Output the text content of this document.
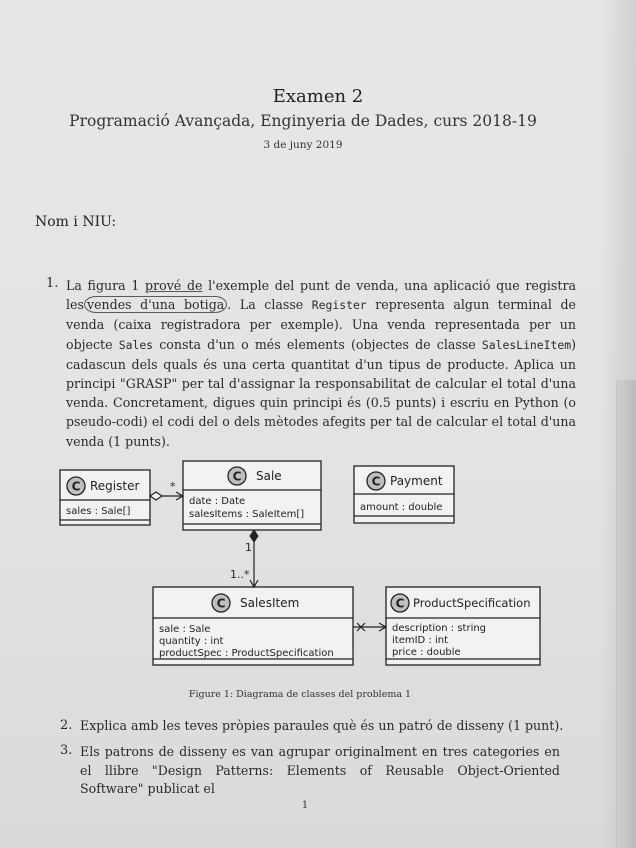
Examen 2
Programació Avançada, Enginyeria de Dades, curs 2018-19
3 de juny 2019
Nom i NIU:
1. La figura 1 prové de l'exemple del punt de venda, una aplicació que registra les vendes d'una botiga . La classe Register representa algun terminal de venda (caixa registradora per exemple). Una venda representada per un objecte Sales consta d'un o més elements (objectes de classe SalesLineItem) cadascun dels quals és una certa quantitat d'un tipus de producte. Aplica un principi "GRASP" per tal d'assignar la responsabilitat de calcular el total d'una venda. Concretament, digues quin principi és (0.5 punts) i escriu en Python (o pseudo-codi) el codi del o dels mètodes afegits per tal de calcular el total d'una venda (1 punts).
C Register
sales : Sale[]
C Sale
date : Date
salesItems : SaleItem[]
C Payment
amount : double
C SalesItem
sale : Sale
quantity : int
productSpec : ProductSpecification
C ProductSpecification
description : string
itemID : int
price : double
*
1
1..*
Figure 1: Diagrama de classes del problema 1
2. Explica amb les teves pròpies paraules què és un patró de disseny (1 punt).
3. Els patrons de disseny es van agrupar originalment en tres categories en el llibre "Design Patterns: Elements of Reusable Object-Oriented Software" publicat el
1
